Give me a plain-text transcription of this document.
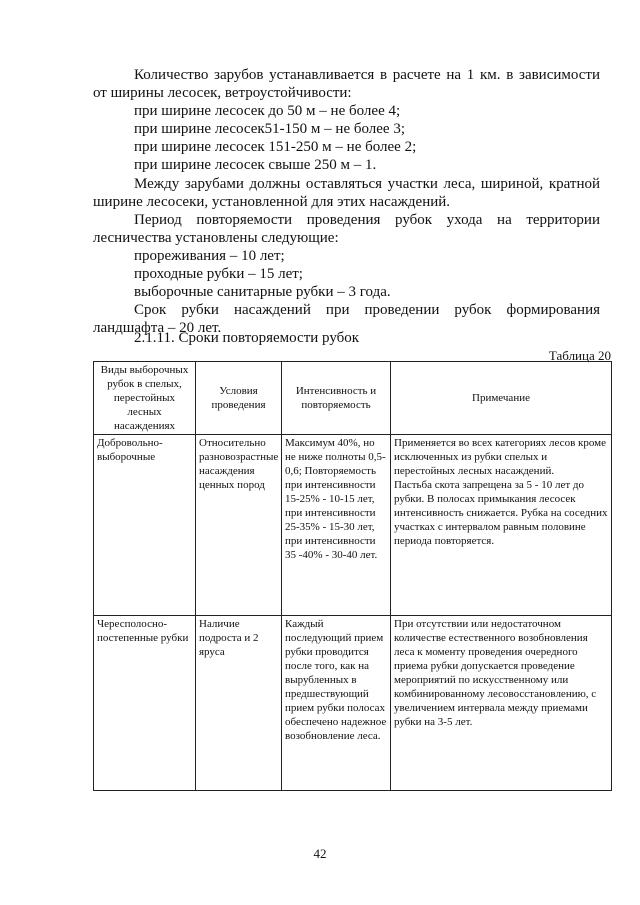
Количество зарубов устанавливается в расчете на 1 км. в зависимости

от ширины лесосек, ветроустойчивости:

при ширине лесосек до 50 м – не более 4;

при ширине лесосек51-150 м – не более 3;

при ширине лесосек 151-250 м – не более 2;

при ширине лесосек свыше 250 м – 1.

Между зарубами должны оставляться участки леса, шириной, кратной

ширине лесосеки, установленной для этих насаждений.

Период повторяемости проведения рубок ухода на территории

лесничества установлены следующие:

прореживания – 10 лет;

проходные рубки – 15 лет;

выборочные санитарные рубки – 3 года.

Срок рубки насаждений при проведении рубок формирования

ландшафта – 20 лет.

2.1.11. Сроки повторяемости рубок
Таблица 20
Виды выборочных рубок в спелых, перестойных лесных насаждениях	Условия проведения	Интенсивность и повторяемость	Примечание
Добровольно-выборочные	Относительно разновозрастные насаждения ценных пород	Максимум 40%, но не ниже полноты 0,5-0,6; Повторяемость при интенсивности 15-25% - 10-15 лет, при интенсивности 25-35% - 15-30 лет, при интенсивности 35 -40% - 30-40 лет.	Применяется во всех категориях лесов кроме исключенных из рубки спелых и перестойных лесных насаждений.
Пастьба скота запрещена за 5 - 10 лет до рубки. В полосах примыкания лесосек интенсивность снижается. Рубка на соседних участках с интервалом равным половине периода повторяется.

Чересполосно-постепенные рубки	Наличие подроста и 2 яруса	Каждый последующий прием рубки проводится после того, как на вырубленных в предшествующий прием рубки полосах обеспечено надежное возобновление леса.	При отсутствии или недостаточном количестве естественного возобновления леса к моменту проведения очередного приема рубки допускается проведение мероприятий по искусственному или комбинированному лесовосстановлению, с увеличением интервала между приемами рубки на 3-5 лет.
42
